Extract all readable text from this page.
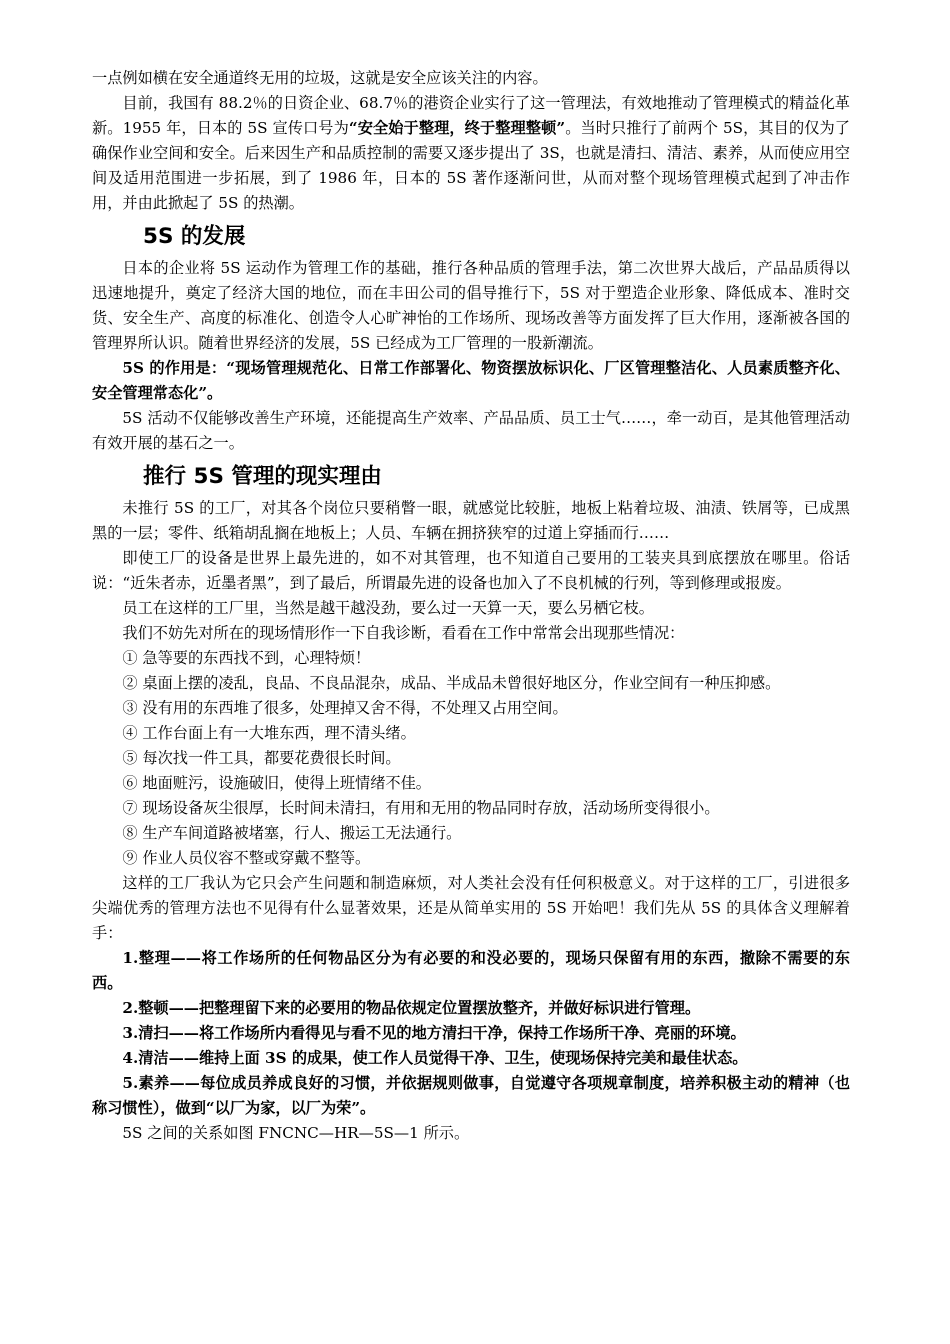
一点例如横在安全通道终无用的垃圾，这就是安全应该关注的内容。

目前，我国有 88.2％的日资企业、68.7％的港资企业实行了这一管理法，有效地推动了管理模式的精益化革新。1955 年，日本的 5S 宣传口号为“安全始于整理，终于整理整顿”。当时只推行了前两个 5S，其目的仅为了确保作业空间和安全。后来因生产和品质控制的需要又逐步提出了 3S，也就是清扫、清洁、素养，从而使应用空间及适用范围进一步拓展，到了 1986 年，日本的 5S 著作逐渐问世，从而对整个现场管理模式起到了冲击作用，并由此掀起了 5S 的热潮。

5S 的发展

日本的企业将 5S 运动作为管理工作的基础，推行各种品质的管理手法，第二次世界大战后，产品品质得以迅速地提升，奠定了经济大国的地位，而在丰田公司的倡导推行下，5S 对于塑造企业形象、降低成本、准时交货、安全生产、高度的标准化、创造令人心旷神怡的工作场所、现场改善等方面发挥了巨大作用，逐渐被各国的管理界所认识。随着世界经济的发展，5S 已经成为工厂管理的一股新潮流。

5S 的作用是：“现场管理规范化、日常工作部署化、物资摆放标识化、厂区管理整洁化、人员素质整齐化、安全管理常态化”。

5S 活动不仅能够改善生产环境，还能提高生产效率、产品品质、员工士气……，牵一动百，是其他管理活动有效开展的基石之一。

推行 5S 管理的现实理由

未推行 5S 的工厂，对其各个岗位只要稍瞥一眼，就感觉比较脏，地板上粘着垃圾、油渍、铁屑等，已成黑黑的一层；零件、纸箱胡乱搁在地板上；人员、车辆在拥挤狭窄的过道上穿插而行……

即使工厂的设备是世界上最先进的，如不对其管理，也不知道自己要用的工装夹具到底摆放在哪里。俗话说：“近朱者赤，近墨者黑”，到了最后，所谓最先进的设备也加入了不良机械的行列，等到修理或报废。

员工在这样的工厂里，当然是越干越没劲，要么过一天算一天，要么另栖它枝。

我们不妨先对所在的现场情形作一下自我诊断，看看在工作中常常会出现那些情况：

① 急等要的东西找不到，心理特烦！

② 桌面上摆的凌乱，良品、不良品混杂，成品、半成品未曾很好地区分，作业空间有一种压抑感。

③ 没有用的东西堆了很多，处理掉又舍不得，不处理又占用空间。

④ 工作台面上有一大堆东西，理不清头绪。

⑤ 每次找一件工具，都要花费很长时间。

⑥ 地面赃污，设施破旧，使得上班情绪不佳。

⑦ 现场设备灰尘很厚，长时间未清扫，有用和无用的物品同时存放，活动场所变得很小。

⑧ 生产车间道路被堵塞，行人、搬运工无法通行。

⑨ 作业人员仪容不整或穿戴不整等。

这样的工厂我认为它只会产生问题和制造麻烦，对人类社会没有任何积极意义。对于这样的工厂，引进很多尖端优秀的管理方法也不见得有什么显著效果，还是从简单实用的 5S 开始吧！我们先从 5S 的具体含义理解着手：

1.整理——将工作场所的任何物品区分为有必要的和没必要的，现场只保留有用的东西，撤除不需要的东西。

2.整顿——把整理留下来的必要用的物品依规定位置摆放整齐，并做好标识进行管理。

3.清扫——将工作场所内看得见与看不见的地方清扫干净，保持工作场所干净、亮丽的环境。

4.清洁——维持上面 3S 的成果，使工作人员觉得干净、卫生，使现场保持完美和最佳状态。

5.素养——每位成员养成良好的习惯，并依据规则做事，自觉遵守各项规章制度，培养积极主动的精神（也称习惯性），做到“以厂为家，以厂为荣”。

5S 之间的关系如图 FNCNC—HR—5S—1 所示。
